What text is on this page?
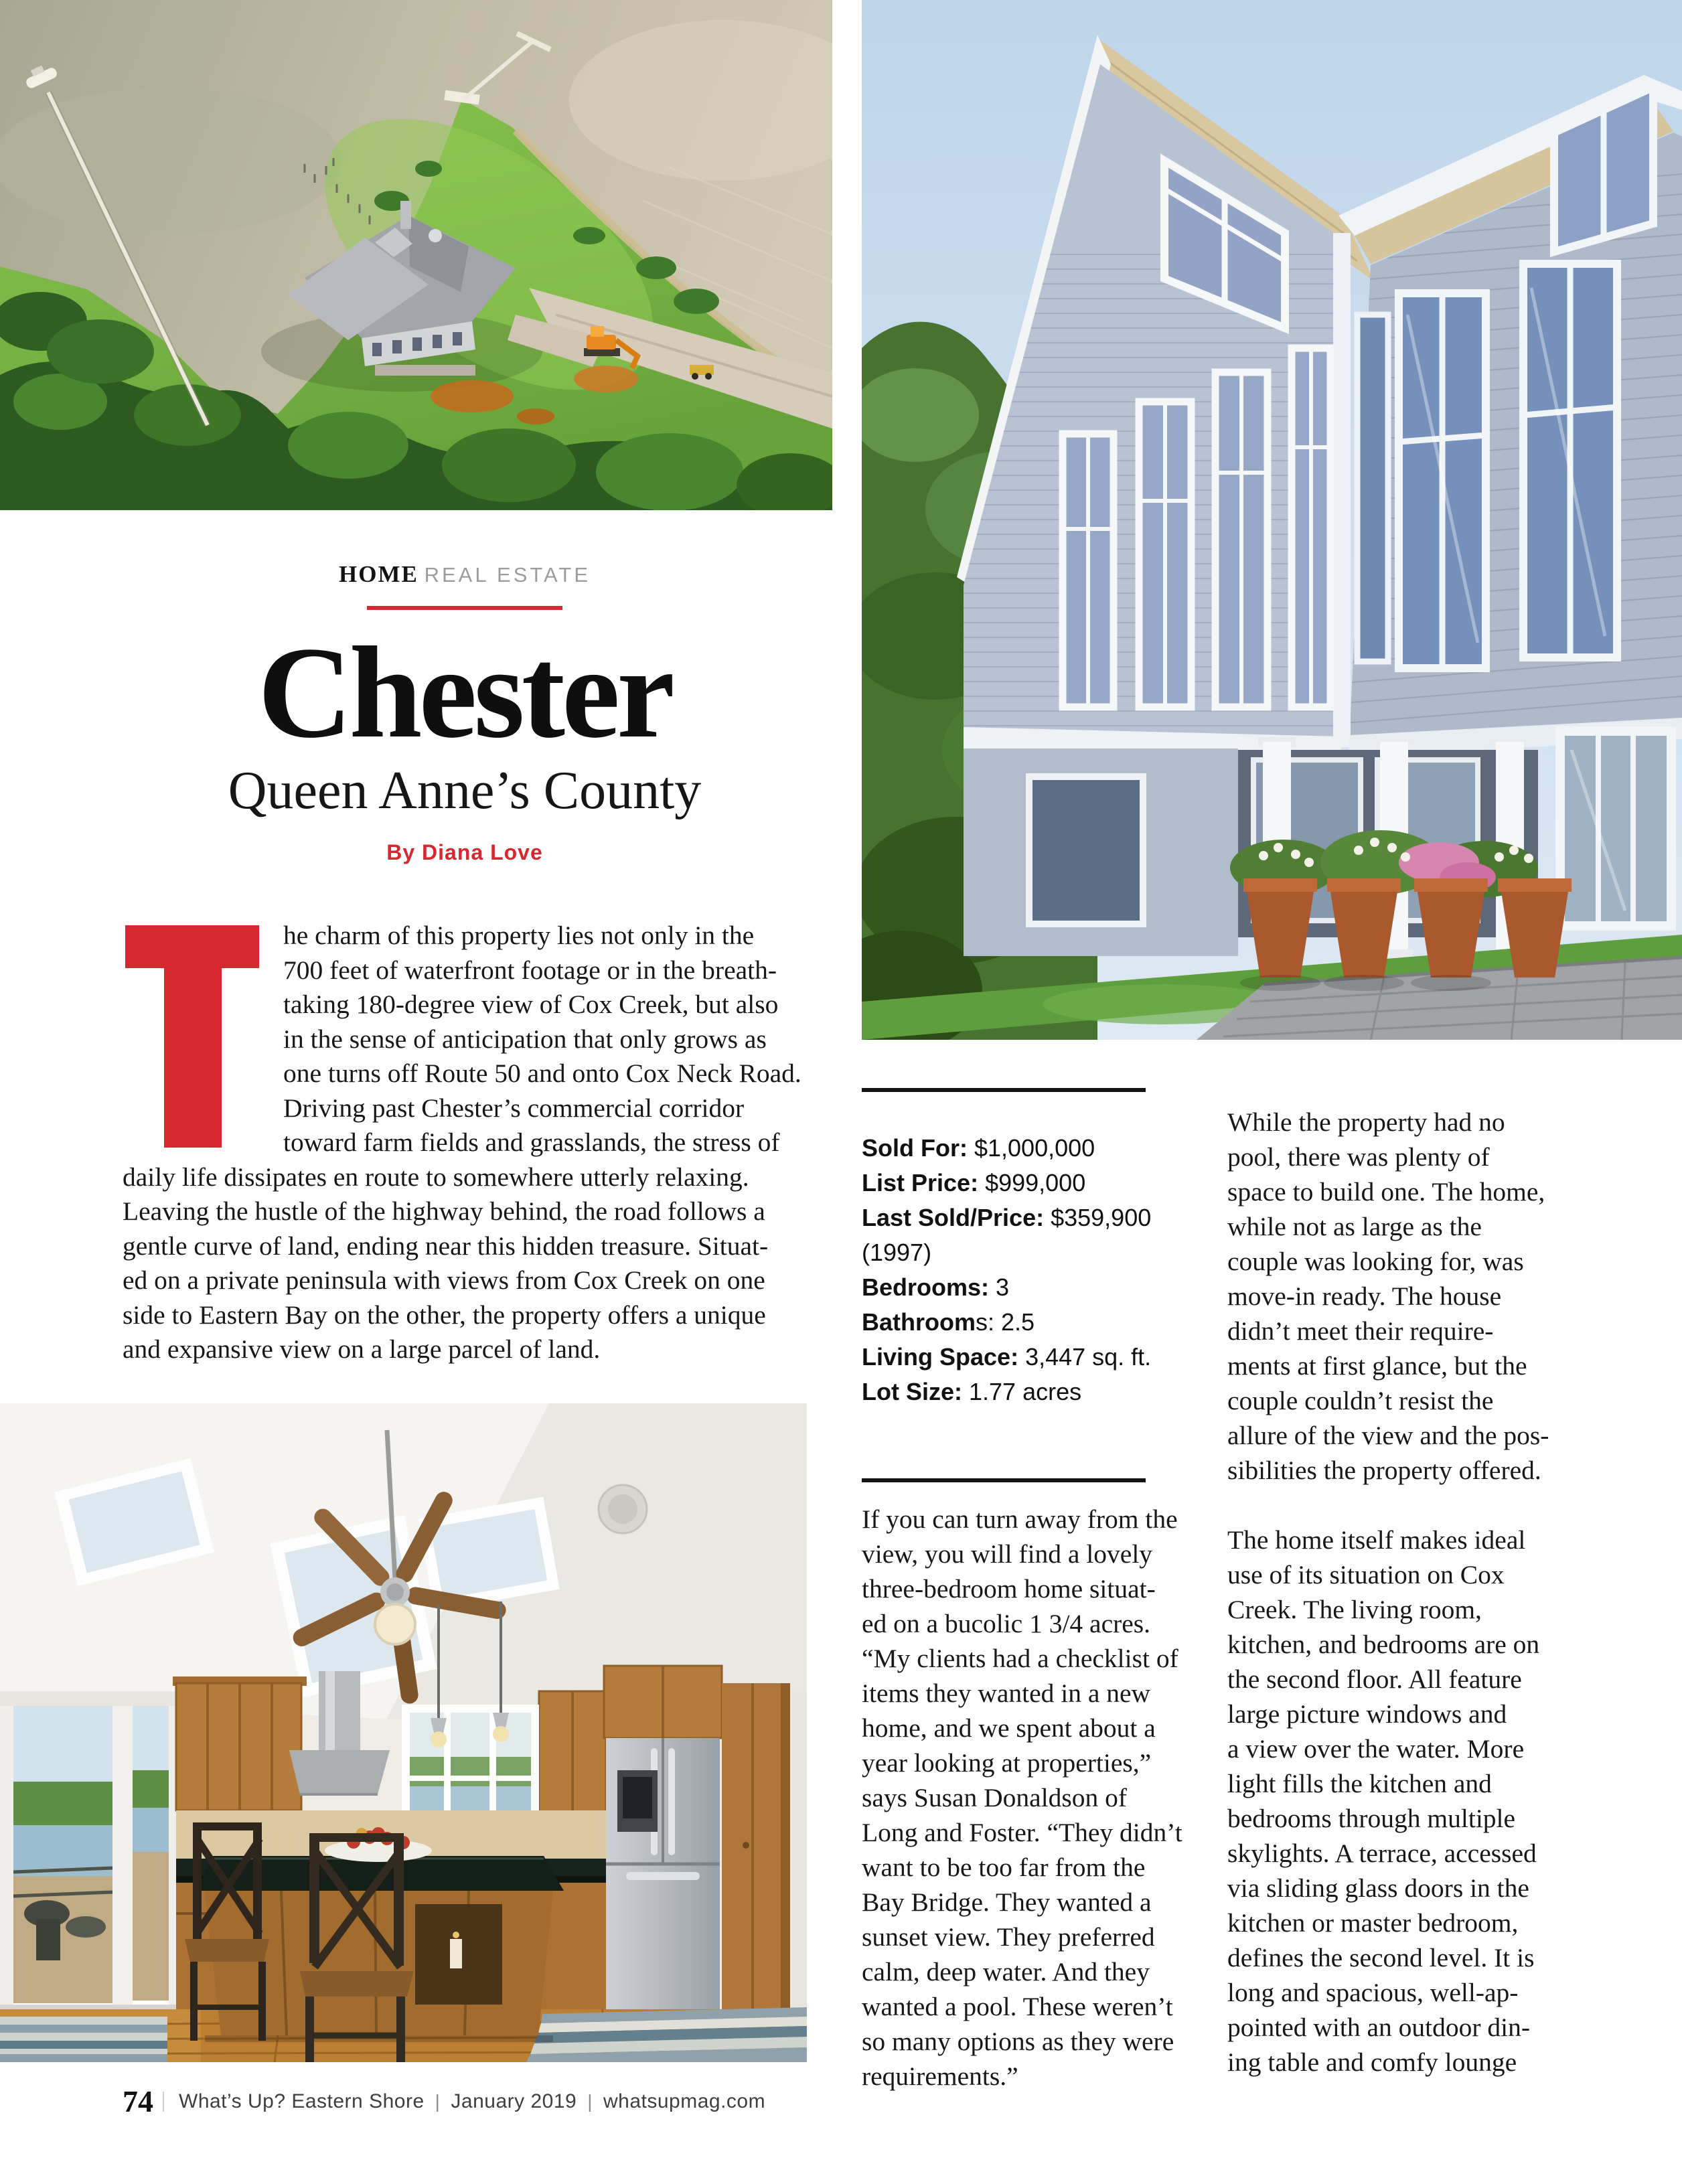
HOME REAL ESTATE
Chester
Queen Anne’s County
By Diana Love
he charm of this property lies not only in the
700 feet of waterfront footage or in the breath-
taking 180-degree view of Cox Creek, but also
in the sense of anticipation that only grows as
one turns off Route 50 and onto Cox Neck Road.
Driving past Chester’s commercial corridor
toward farm fields and grasslands, the stress of
daily life dissipates en route to somewhere utterly relaxing.
Leaving the hustle of the highway behind, the road follows a
gentle curve of land, ending near this hidden treasure. Situat-
ed on a private peninsula with views from Cox Creek on one
side to Eastern Bay on the other, the property offers a unique
and expansive view on a large parcel of land.
Sold For: $1,000,000
List Price: $999,000
Last Sold/Price: $359,900
(1997)
Bedrooms: 3
Bathrooms: 2.5
Living Space: 3,447 sq. ft.
Lot Size: 1.77 acres
If you can turn away from the
view, you will find a lovely
three-bedroom home situat-
ed on a bucolic 1 3/4 acres.
“My clients had a checklist of
items they wanted in a new
home, and we spent about a
year looking at properties,”
says Susan Donaldson of
Long and Foster. “They didn’t
want to be too far from the
Bay Bridge. They wanted a
sunset view. They preferred
calm, deep water. And they
wanted a pool. These weren’t
so many options as they were
requirements.”
While the property had no
pool, there was plenty of
space to build one. The home,
while not as large as the
couple was looking for, was
move-in ready. The house
didn’t meet their require-
ments at first glance, but the
couple couldn’t resist the
allure of the view and the pos-
sibilities the property offered.
The home itself makes ideal
use of its situation on Cox
Creek. The living room,
kitchen, and bedrooms are on
the second floor. All feature
large picture windows and
a view over the water. More
light fills the kitchen and
bedrooms through multiple
skylights. A terrace, accessed
via sliding glass doors in the
kitchen or master bedroom,
defines the second level. It is
long and spacious, well-ap-
pointed with an outdoor din-
ing table and comfy lounge
74 What’s Up? Eastern Shore | January 2019 | whatsupmag.com
